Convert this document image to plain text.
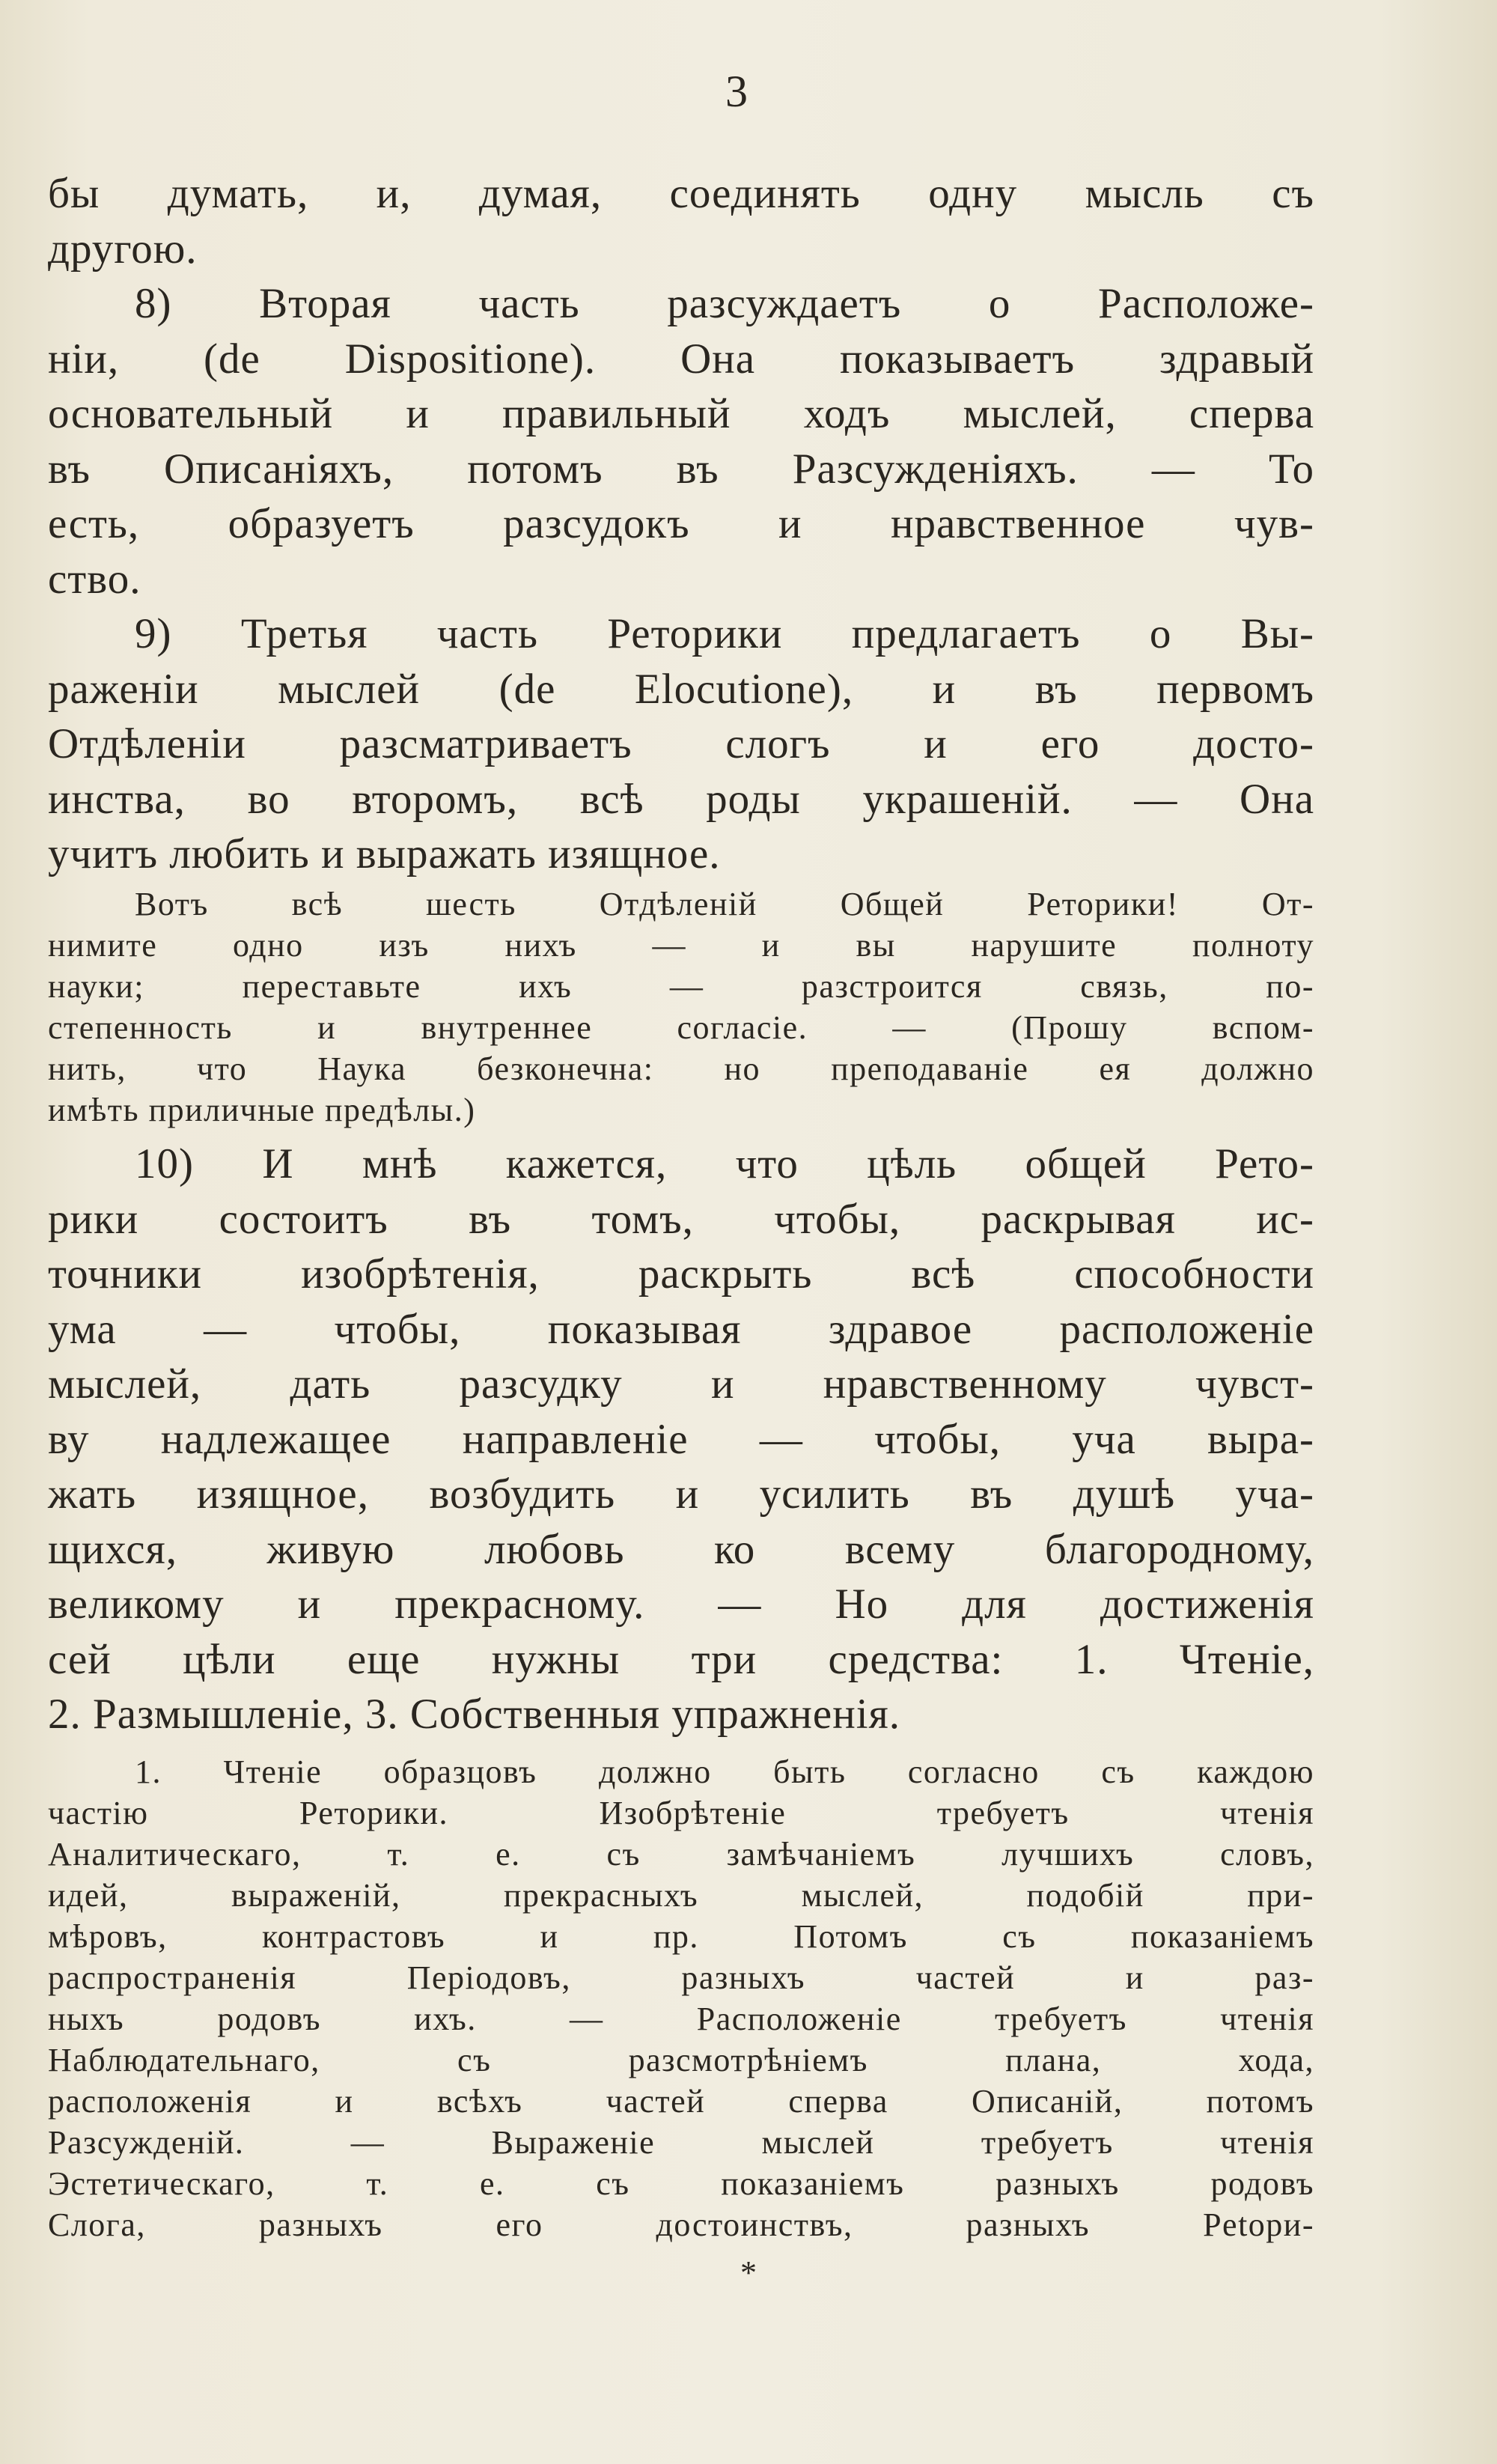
3
бы думать, и, думая, соединять одну мысль съ
другою.
8) Вторая часть разсуждаетъ о Расположе-
ніи, (de Dispositione). Она показываетъ здравый
основательный и правильный ходъ мыслей, сперва
въ Описаніяхъ, потомъ въ Разсужденіяхъ. — То
есть, образуетъ разсудокъ и нравственное чув-
ство.
9) Третья часть Реторики предлагаетъ о Вы-
раженіи мыслей (de Elocutione), и въ первомъ
Отдѣленіи разсматриваетъ слогъ и его досто-
инства, во второмъ, всѣ роды украшеній. — Она
учитъ любить и выражать изящное.
Вотъ всѣ шесть Отдѣленій Общей Реторики! От-
нимите одно изъ нихъ — и вы нарушите полноту
науки; переставьте ихъ — разстроится связь, по-
степенность и внутреннее согласіе. — (Прошу вспом-
нить, что Наука безконечна: но преподаваніе ея должно
имѣть приличные предѣлы.)
10) И мнѣ кажется, что цѣль общей Рето-
рики состоитъ въ томъ, чтобы, раскрывая ис-
точники изобрѣтенія, раскрыть всѣ способности
ума — чтобы, показывая здравое расположеніе
мыслей, дать разсудку и нравственному чувст-
ву надлежащее направленіе — чтобы, уча выра-
жать изящное, возбудить и усилить въ душѣ уча-
щихся, живую любовь ко всему благородному,
великому и прекрасному. — Но для достиженія
сей цѣли еще нужны три средства: 1. Чтеніе,
2. Размышленіе, 3. Собственныя упражненія.
1. Чтеніе образцовъ должно быть согласно съ каждою
частію Реторики. Изобрѣтеніе требуетъ чтенія
Аналитическаго, т. е. съ замѣчаніемъ лучшихъ словъ,
идей, выраженій, прекрасныхъ мыслей, подобій при-
мѣровъ, контрастовъ и пр. Потомъ съ показаніемъ
распространенія Періодовъ, разныхъ частей и раз-
ныхъ родовъ ихъ. — Расположеніе требуетъ чтенія
Наблюдательнаго, съ разсмотрѣніемъ плана, хода,
расположенія и всѣхъ частей сперва Описаній, потомъ
Разсужденій. — Выраженіе мыслей требуетъ чтенія
Эстетическаго, т. е. съ показаніемъ разныхъ родовъ
Слога, разныхъ его достоинствъ, разныхъ Petopи-
*
